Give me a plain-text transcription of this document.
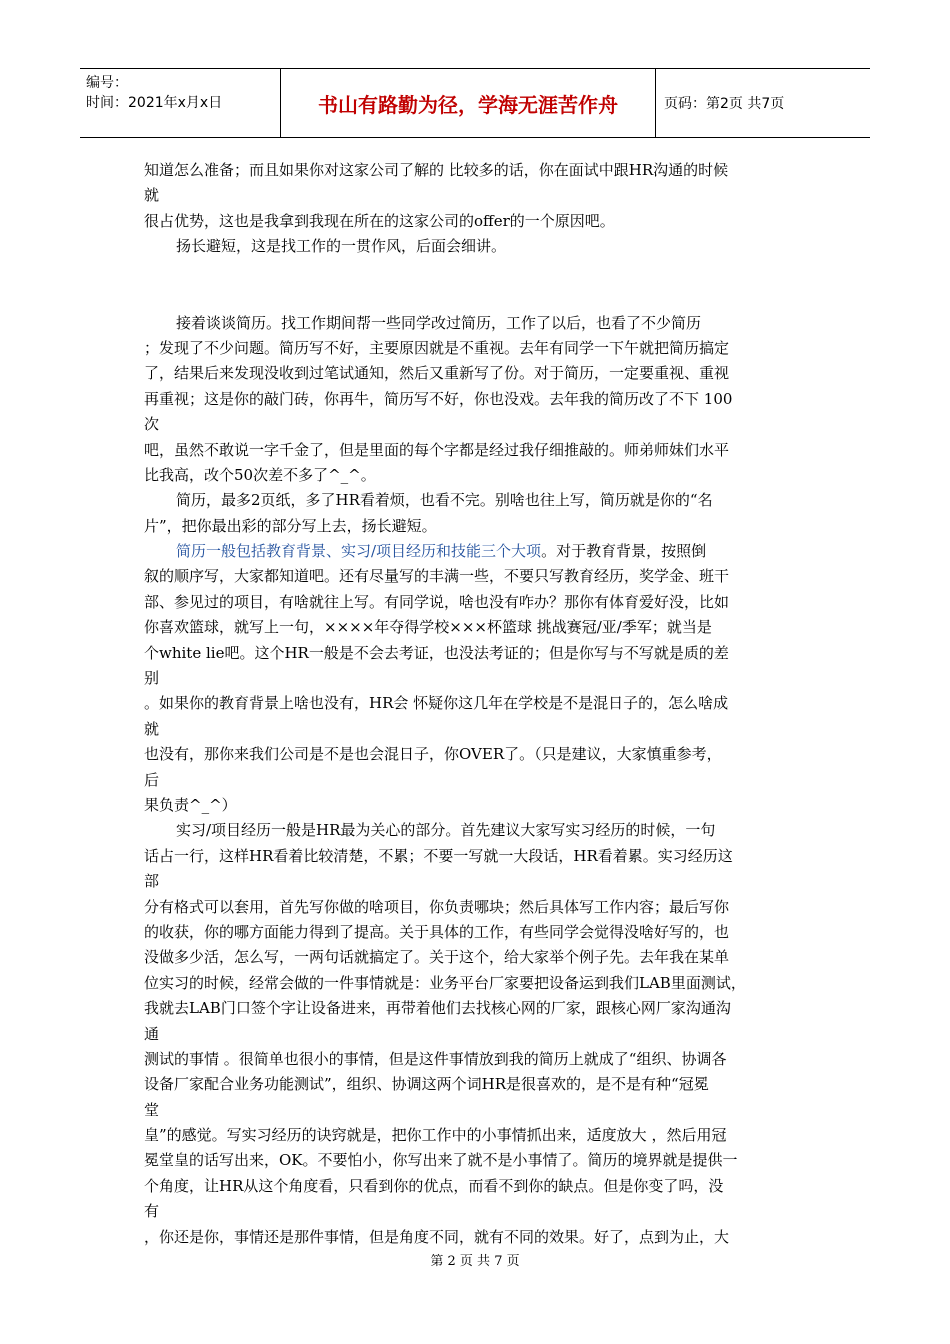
编号：
时间：2021年x月x日	书山有路勤为径，学海无涯苦作舟	页码：第2页 共7页
知道怎么准备；而且如果你对这家公司了解的 比较多的话，你在面试中跟HR沟通的时候
就
很占优势，这也是我拿到我现在所在的这家公司的offer的一个原因吧。
扬长避短，这是找工作的一贯作风，后面会细讲。
接着谈谈简历。找工作期间帮一些同学改过简历，工作了以后，也看了不少简历
；发现了不少问题。简历写不好，主要原因就是不重视。去年有同学一下午就把简历搞定
了，结果后来发现没收到过笔试通知，然后又重新写了份。对于简历，一定要重视、重视
再重视；这是你的敲门砖，你再牛，简历写不好，你也没戏。去年我的简历改了不下 100
次
吧，虽然不敢说一字千金了，但是里面的每个字都是经过我仔细推敲的。师弟师妹们水平
比我高，改个50次差不多了^_^。
简历，最多2页纸，多了HR看着烦，也看不完。别啥也往上写，简历就是你的“名
片”，把你最出彩的部分写上去，扬长避短。
简历一般包括教育背景、实习/项目经历和技能三个大项。对于教育背景，按照倒
叙的顺序写，大家都知道吧。还有尽量写的丰满一些，不要只写教育经历，奖学金、班干
部、参见过的项目，有啥就往上写。有同学说，啥也没有咋办？那你有体育爱好没，比如
你喜欢篮球，就写上一句，××××年夺得学校×××杯篮球 挑战赛冠/亚/季军；就当是
个white lie吧。这个HR一般是不会去考证，也没法考证的；但是你写与不写就是质的差
别
。如果你的教育背景上啥也没有，HR会 怀疑你这几年在学校是不是混日子的，怎么啥成
就
也没有，那你来我们公司是不是也会混日子，你OVER了。（只是建议，大家慎重参考，
后
果负责^_^）
实习/项目经历一般是HR最为关心的部分。首先建议大家写实习经历的时候，一句
话占一行，这样HR看着比较清楚，不累；不要一写就一大段话，HR看着累。实习经历这
部
分有格式可以套用，首先写你做的啥项目，你负责哪块；然后具体写工作内容；最后写你
的收获，你的哪方面能力得到了提高。关于具体的工作，有些同学会觉得没啥好写的，也
没做多少活，怎么写，一两句话就搞定了。关于这个，给大家举个例子先。去年我在某单
位实习的时候，经常会做的一件事情就是：业务平台厂家要把设备运到我们LAB里面测试，
我就去LAB门口签个字让设备进来，再带着他们去找核心网的厂家，跟核心网厂家沟通沟
通
测试的事情 。很简单也很小的事情，但是这件事情放到我的简历上就成了“组织、协调各
设备厂家配合业务功能测试”，组织、协调这两个词HR是很喜欢的，是不是有种“冠冕
堂
皇”的感觉。写实习经历的诀窍就是，把你工作中的小事情抓出来，适度放大 ，然后用冠
冕堂皇的话写出来，OK。不要怕小，你写出来了就不是小事情了。简历的境界就是提供一
个角度，让HR从这个角度看，只看到你的优点，而看不到你的缺点。但是你变了吗，没
有
，你还是你，事情还是那件事情，但是角度不同，就有不同的效果。好了，点到为止，大
第 2 页 共 7 页
